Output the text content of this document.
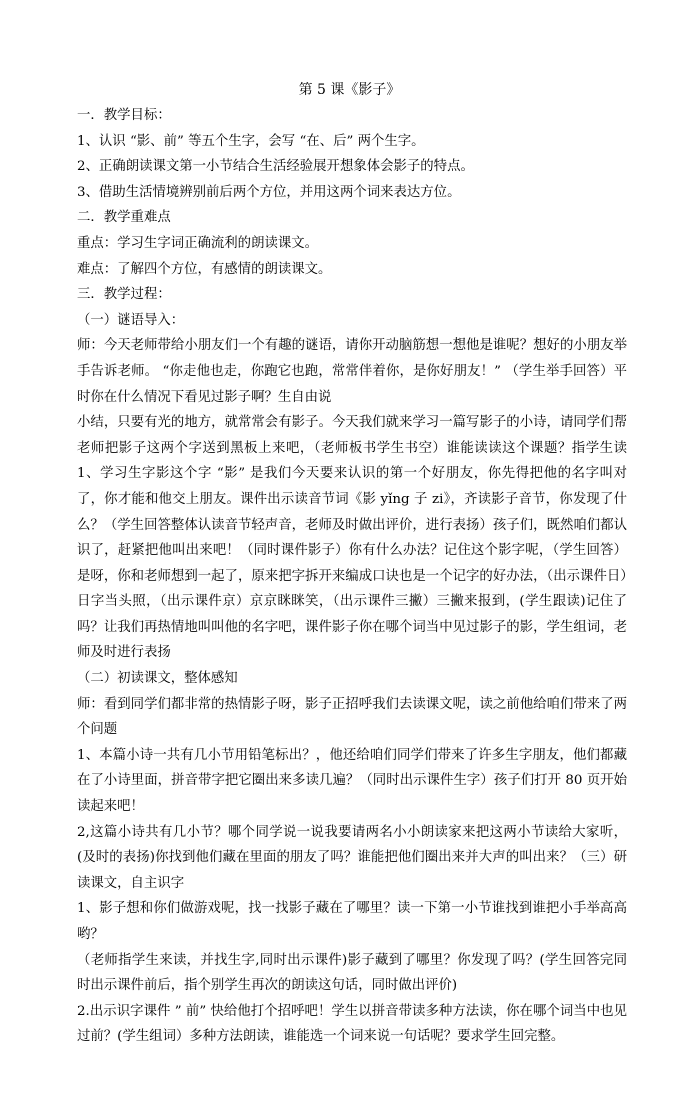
第 5 课《影子》

一．教学目标：

1、认识 “影、前” 等五个生字，会写 “在、后” 两个生字。

2、正确朗读课文第一小节结合生活经验展开想象体会影子的特点。

3、借助生活情境辨别前后两个方位，并用这两个词来表达方位。

二．教学重难点

重点：学习生字词正确流利的朗读课文。

难点：了解四个方位，有感情的朗读课文。

三．教学过程：

（一）谜语导入：

师：今天老师带给小朋友们一个有趣的谜语，请你开动脑筋想一想他是谁呢？想好的小朋友举手告诉老师。 “你走他也走，你跑它也跑，常常伴着你，是你好朋友！” （学生举手回答）平时你在什么情况下看见过影子啊？生自由说

小结，只要有光的地方，就常常会有影子。今天我们就来学习一篇写影子的小诗，请同学们帮老师把影子这两个字送到黑板上来吧，（老师板书学生书空）谁能读读这个课题？指学生读 1、学习生字影这个字 “影” 是我们今天要来认识的第一个好朋友，你先得把他的名字叫对了，你才能和他交上朋友。课件出示读音节词《影 yǐng 子 zi》，齐读影子音节，你发现了什么？（学生回答整体认读音节轻声音，老师及时做出评价，进行表扬）孩子们，既然咱们都认识了，赶紧把他叫出来吧！（同时课件影子）你有什么办法？记住这个影字呢，（学生回答）是呀，你和老师想到一起了，原来把字拆开来编成口诀也是一个记字的好办法，（出示课件日）日字当头照，（出示课件京）京京眯眯笑，（出示课件三撇）三撇来报到，(学生跟读)记住了吗？让我们再热情地叫叫他的名字吧，课件影子你在哪个词当中见过影子的影，学生组词，老师及时进行表扬

（二）初读课文，整体感知

师：看到同学们都非常的热情影子呀，影子正招呼我们去读课文呢，读之前他给咱们带来了两个问题

1、本篇小诗一共有几小节用铅笔标出？，他还给咱们同学们带来了许多生字朋友，他们都藏在了小诗里面，拼音带字把它圈出来多读几遍？（同时出示课件生字）孩子们打开 80 页开始读起来吧！

2,这篇小诗共有几小节？哪个同学说一说我要请两名小小朗读家来把这两小节读给大家听，(及时的表扬)你找到他们藏在里面的朋友了吗？谁能把他们圈出来并大声的叫出来？（三）研读课文，自主识字

1、影子想和你们做游戏呢，找一找影子藏在了哪里？读一下第一小节谁找到谁把小手举高高哟？

（老师指学生来读，并找生字,同时出示课件)影子藏到了哪里？你发现了吗？(学生回答完同时出示课件前后，指个别学生再次的朗读这句话，同时做出评价)

2.出示识字课件 ” 前” 快给他打个招呼吧！学生以拼音带读多种方法读，你在哪个词当中也见过前？(学生组词）多种方法朗读，谁能选一个词来说一句话呢？要求学生回完整。
